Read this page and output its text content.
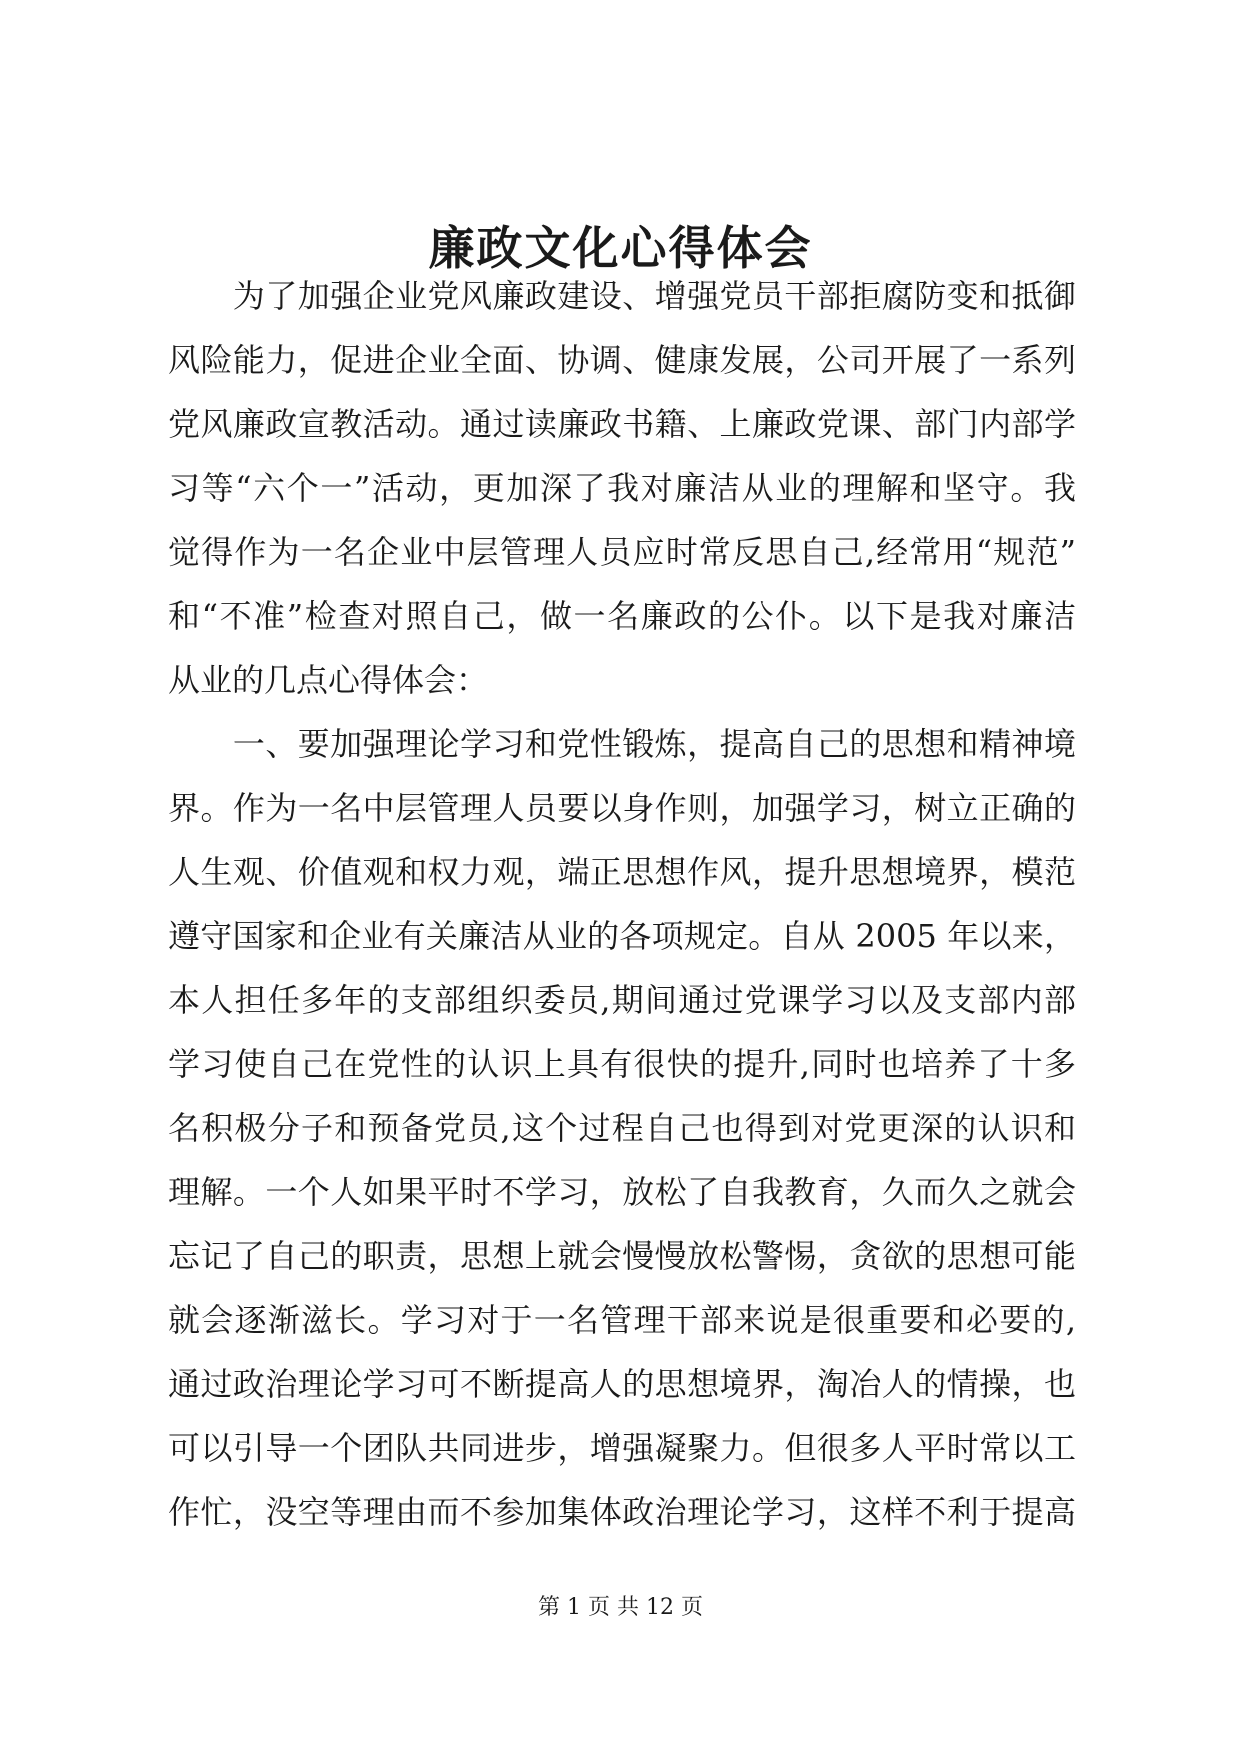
廉政文化心得体会
　　为了加强企业党风廉政建设、增强党员干部拒腐防变和抵御
风险能力，促进企业全面、协调、健康发展，公司开展了一系列
党风廉政宣教活动。通过读廉政书籍、上廉政党课、部门内部学
习等“六个一”活动，更加深了我对廉洁从业的理解和坚守。我
觉得作为一名企业中层管理人员应时常反思自己,经常用“规范”
和“不准”检查对照自己，做一名廉政的公仆。以下是我对廉洁
从业的几点心得体会：
　　一、要加强理论学习和党性锻炼，提高自己的思想和精神境
界。作为一名中层管理人员要以身作则，加强学习，树立正确的
人生观、价值观和权力观，端正思想作风，提升思想境界，模范
遵守国家和企业有关廉洁从业的各项规定。自从 2005 年以来，
本人担任多年的支部组织委员,期间通过党课学习以及支部内部
学习使自己在党性的认识上具有很快的提升,同时也培养了十多
名积极分子和预备党员,这个过程自己也得到对党更深的认识和
理解。一个人如果平时不学习，放松了自我教育，久而久之就会
忘记了自己的职责，思想上就会慢慢放松警惕，贪欲的思想可能
就会逐渐滋长。学习对于一名管理干部来说是很重要和必要的,
通过政治理论学习可不断提高人的思想境界，淘冶人的情操，也
可以引导一个团队共同进步，增强凝聚力。但很多人平时常以工
作忙，没空等理由而不参加集体政治理论学习，这样不利于提高
第 1 页 共 12 页
